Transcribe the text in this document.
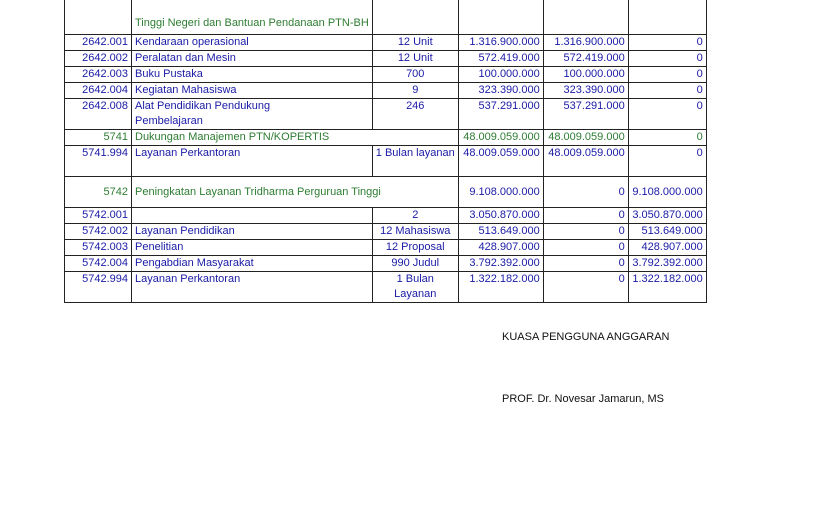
	Tinggi Negeri dan Bantuan Pendanaan PTN-BH				
2642.001	Kendaraan operasional	12 Unit	1.316.900.000	1.316.900.000	0
2642.002	Peralatan dan Mesin	12 Unit	572.419.000	572.419.000	0
2642.003	Buku Pustaka	700	100.000.000	100.000.000	0
2642.004	Kegiatan Mahasiswa	9	323.390.000	323.390.000	0
2642.008	Alat Pendidikan Pendukung Pembelajaran	246	537.291.000	537.291.000	0
5741	Dukungan Manajemen PTN/KOPERTIS		48.009.059.000	48.009.059.000	0
5741.994	Layanan Perkantoran	1 Bulan layanan	48.009.059.000	48.009.059.000	0
5742	Peningkatan Layanan Tridharma Perguruan Tinggi		9.108.000.000	0	9.108.000.000
5742.001		2	3.050.870.000	0	3.050.870.000
5742.002	Layanan Pendidikan	12 Mahasiswa	513.649.000	0	513.649.000
5742.003	Penelitian	12 Proposal	428.907.000	0	428.907.000
5742.004	Pengabdian Masyarakat	990 Judul	3.792.392.000	0	3.792.392.000
5742.994	Layanan Perkantoran	1 Bulan Layanan	1.322.182.000	0	1.322.182.000
KUASA PENGGUNA ANGGARAN
PROF. Dr. Novesar Jamarun, MS
